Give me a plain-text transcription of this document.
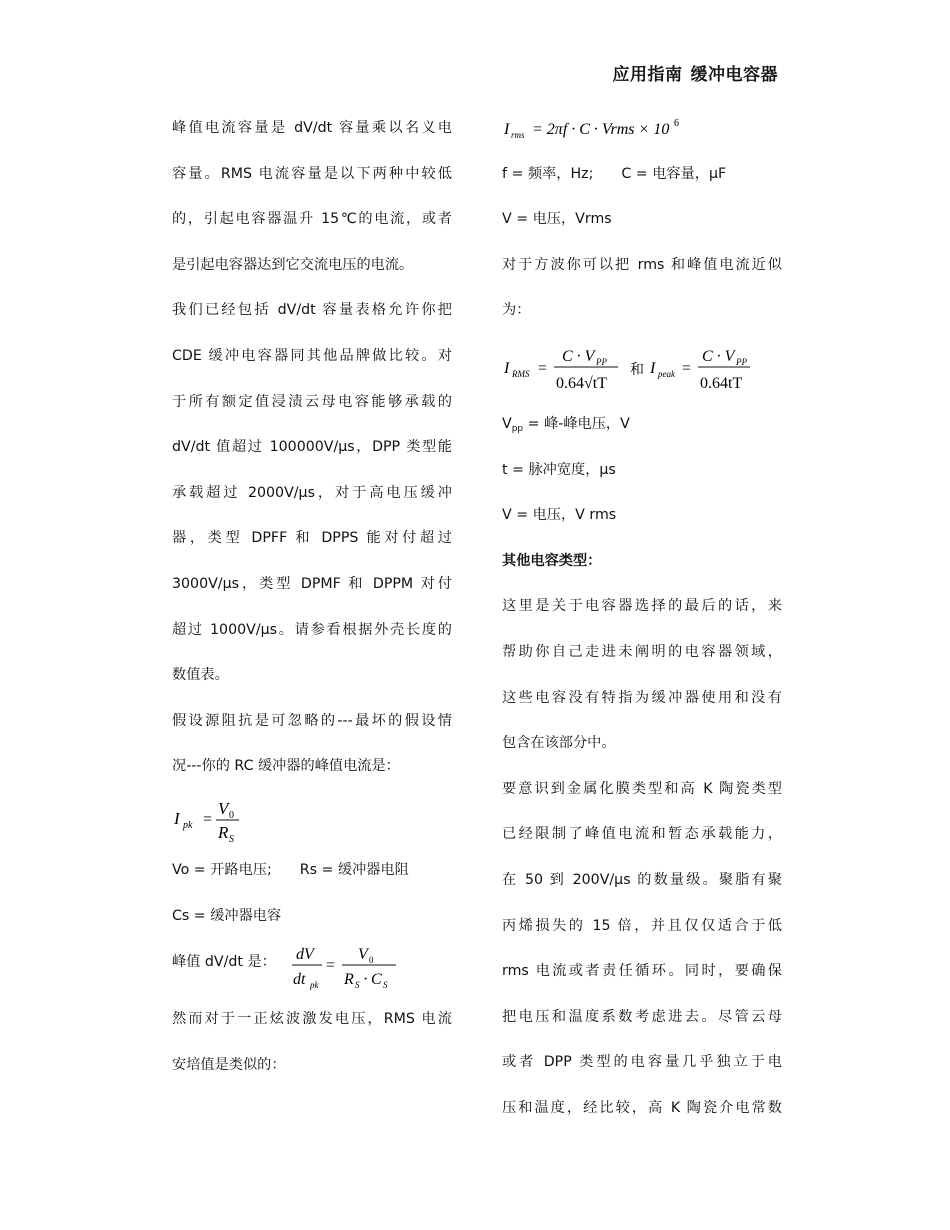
应用指南 缓冲电容器
峰值电流容量是 dV/dt 容量乘以名义电
容量。RMS 电流容量是以下两种中较低
的，引起电容器温升 15℃的电流，或者
是引起电容器达到它交流电压的电流。
我们已经包括 dV/dt 容量表格允许你把
CDE 缓冲电容器同其他品牌做比较。对
于所有额定值浸渍云母电容能够承载的
dV/dt 值超过 100000V/μs，DPP 类型能
承载超过 2000V/μs，对于高电压缓冲
器，类型 DPFF 和 DPPS 能对付超过
3000V/μs，类型 DPMF 和 DPPM 对付
超过 1000V/μs。请参看根据外壳长度的
数值表。
假设源阻抗是可忽略的---最坏的假设情
况---你的 RC 缓冲器的峰值电流是：
I pk =
V 0
R S
Vo = 开路电压; Rs = 缓冲器电阻
Cs = 缓冲器电容
峰值 dV/dt 是： dV
dt pk
=
V 0
R S · C S
然而对于一正炫波激发电压，RMS 电流
安培值是类似的：
I rms = 2πf · C · Vrms × 10 6
f = 频率，Hz; C = 电容量，μF
V = 电压，Vrms
对于方波你可以把 rms 和峰值电流近似
为：
I RMS =
C · V PP
0.64√tT
和 I peak =
C · V PP
0.64tT
$V_{pp}$ = 峰-峰电压，V
t = 脉冲宽度，μs
V = 电压，V rms
其他电容类型：
这里是关于电容器选择的最后的话，来
帮助你自己走进未阐明的电容器领域，
这些电容没有特指为缓冲器使用和没有
包含在该部分中。
要意识到金属化膜类型和高 K 陶瓷类型
已经限制了峰值电流和暂态承载能力，
在 50 到 200V/μs 的数量级。聚脂有聚
丙烯损失的 15 倍，并且仅仅适合于低
rms 电流或者责任循环。同时，要确保
把电压和温度系数考虑进去。尽管云母
或者 DPP 类型的电容量几乎独立于电
压和温度，经比较，高 K 陶瓷介电常数
